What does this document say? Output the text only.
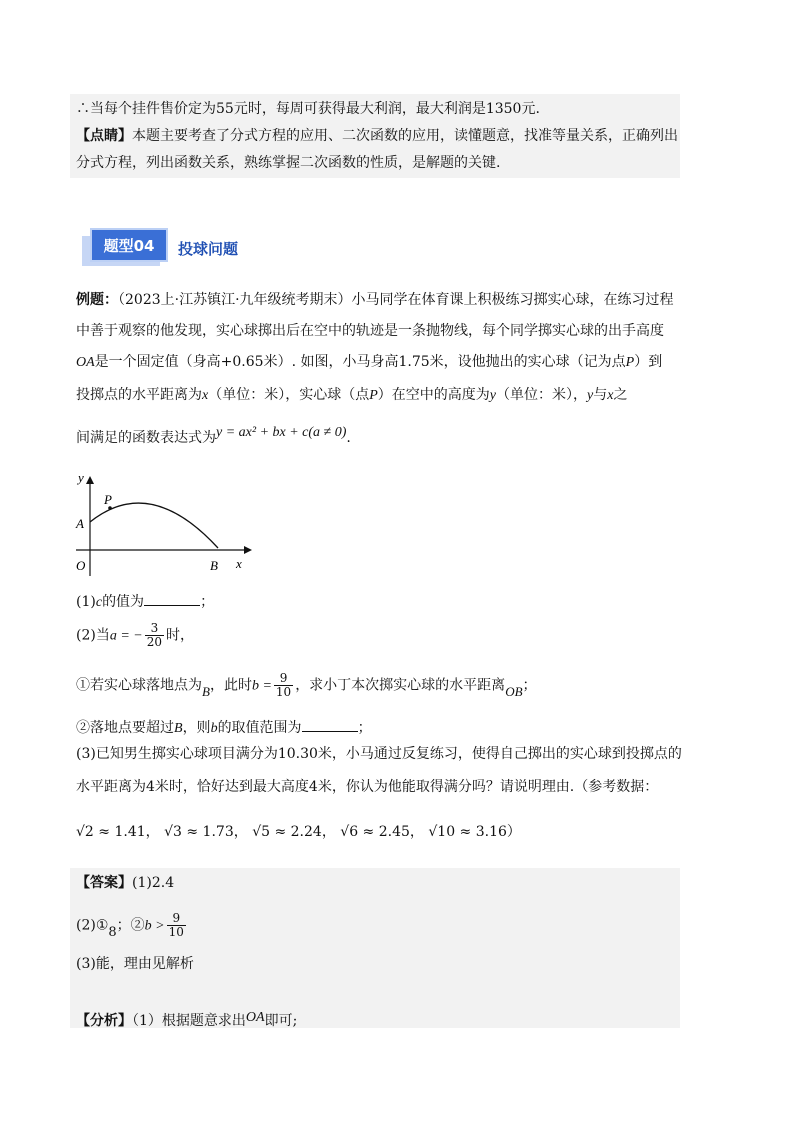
∴当每个挂件售价定为55元时，每周可获得最大利润，最大利润是1350元.
【点睛】本题主要考查了分式方程的应用、二次函数的应用，读懂题意，找准等量关系，正确列出
分式方程，列出函数关系，熟练掌握二次函数的性质，是解题的关键.
题型04	投球问题
例题：（2023上·江苏镇江·九年级统考期末）小马同学在体育课上积极练习掷实心球，在练习过程
中善于观察的他发现，实心球掷出后在空中的轨迹是一条抛物线，每个同学掷实心球的出手高度
OA是一个固定值（身高+0.65米）. 如图，小马身高1.75米，设他抛出的实心球（记为点P）到
投掷点的水平距离为x（单位：米），实心球（点P）在空中的高度为y（单位：米），y与x之
间满足的函数表达式为y = ax² + bx + c(a ≠ 0).
y
x
O
A
B
P
(1)c的值为	；
(2)当a = − $\frac{3}{20}$ 时，
①若实心球落地点为B，此时$b = \frac{9}{10}$ ，求小丁本次掷实心球的水平距离OB；
②落地点要超过B，则b的取值范围为	；
(3)已知男生掷实心球项目满分为10.30米，小马通过反复练习，使得自己掷出的实心球到投掷点的
水平距离为4米时，恰好达到最大高度4米，你认为他能取得满分吗？请说明理由.（参考数据：
√2 ≈ 1.41， √3 ≈ 1.73， √5 ≈ 2.24， √6 ≈ 2.45， √10 ≈ 3.16）
【答案】(1)2.4
(2)①8；②b > $\frac{9}{10}$
(3)能，理由见解析
【分析】（1）根据题意求出OA即可;
